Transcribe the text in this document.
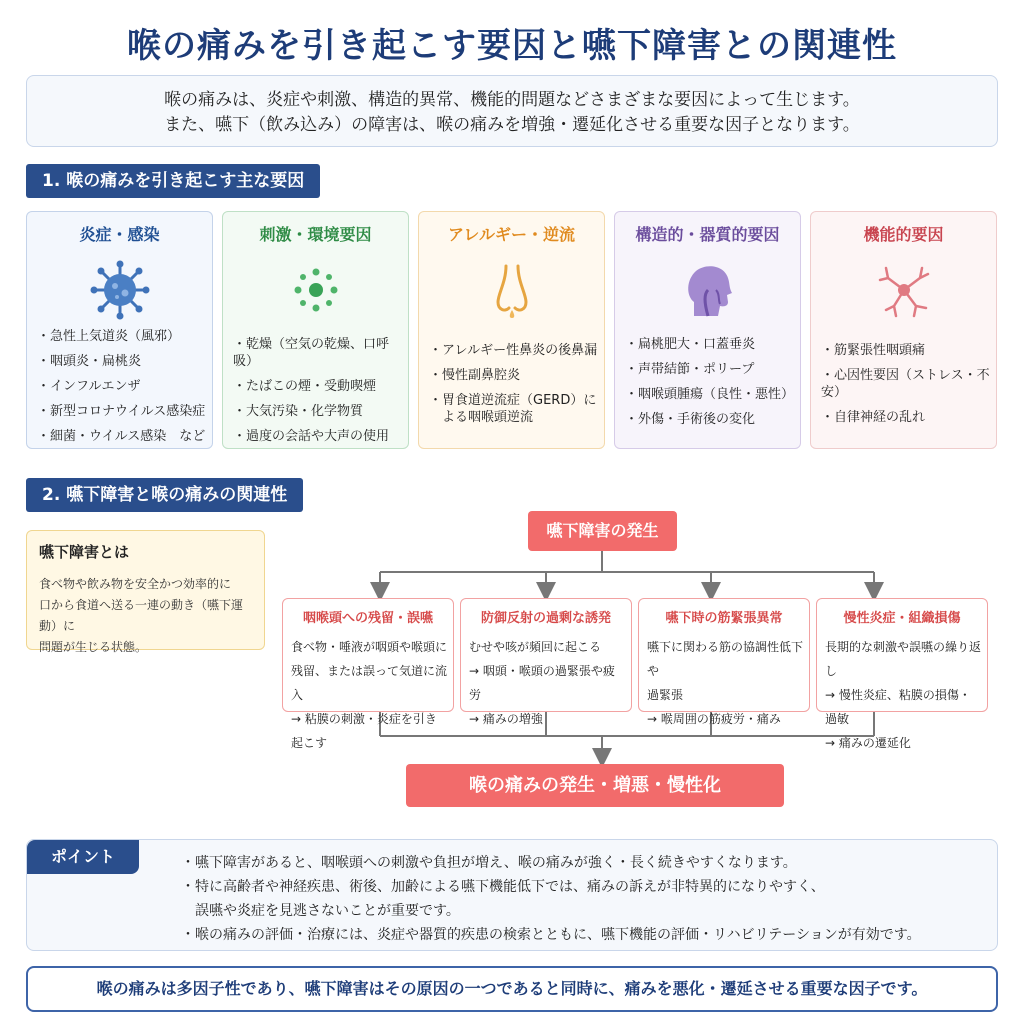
喉の痛みを引き起こす要因と嚥下障害との関連性
喉の痛みは、炎症や刺激、構造的異常、機能的問題などさまざまな要因によって生じます。
また、嚥下（飲み込み）の障害は、喉の痛みを増強・遷延化させる重要な因子となります。
1. 喉の痛みを引き起こす主な要因
炎症・感染
・急性上気道炎（風邪）
・咽頭炎・扁桃炎
・インフルエンザ
・新型コロナウイルス感染症
・細菌・ウイルス感染　など
刺激・環境要因
・乾燥（空気の乾燥、口呼吸）
・たばこの煙・受動喫煙
・大気汚染・化学物質
・過度の会話や大声の使用
アレルギー・逆流
・アレルギー性鼻炎の後鼻漏
・慢性副鼻腔炎
・胃食道逆流症（GERD）に
　よる咽喉頭逆流
構造的・器質的要因
・扁桃肥大・口蓋垂炎
・声帯結節・ポリープ
・咽喉頭腫瘍（良性・悪性）
・外傷・手術後の変化
機能的要因
・筋緊張性咽頭痛
・心因性要因（ストレス・不安）
・自律神経の乱れ
2. 嚥下障害と喉の痛みの関連性
嚥下障害とは
食べ物や飲み物を安全かつ効率的に
口から食道へ送る一連の動き（嚥下運動）に
問題が生じる状態。
嚥下障害の発生
咽喉頭への残留・誤嚥
食べ物・唾液が咽頭や喉頭に
残留、または誤って気道に流入
→ 粘膜の刺激・炎症を引き起こす
防御反射の過剰な誘発
むせや咳が頻回に起こる
→ 咽頭・喉頭の過緊張や疲労
→ 痛みの増強
嚥下時の筋緊張異常
嚥下に関わる筋の協調性低下や
過緊張
→ 喉周囲の筋疲労・痛み
慢性炎症・組織損傷
長期的な刺激や誤嚥の繰り返し
→ 慢性炎症、粘膜の損傷・過敏
→ 痛みの遷延化
喉の痛みの発生・増悪・慢性化
ポイント	・嚥下障害があると、咽喉頭への刺激や負担が増え、喉の痛みが強く・長く続きやすくなります。
・特に高齢者や神経疾患、術後、加齢による嚥下機能低下では、痛みの訴えが非特異的になりやすく、
　誤嚥や炎症を見逃さないことが重要です。
・喉の痛みの評価・治療には、炎症や器質的疾患の検索とともに、嚥下機能の評価・リハビリテーションが有効です。
喉の痛みは多因子性であり、嚥下障害はその原因の一つであると同時に、痛みを悪化・遷延させる重要な因子です。
